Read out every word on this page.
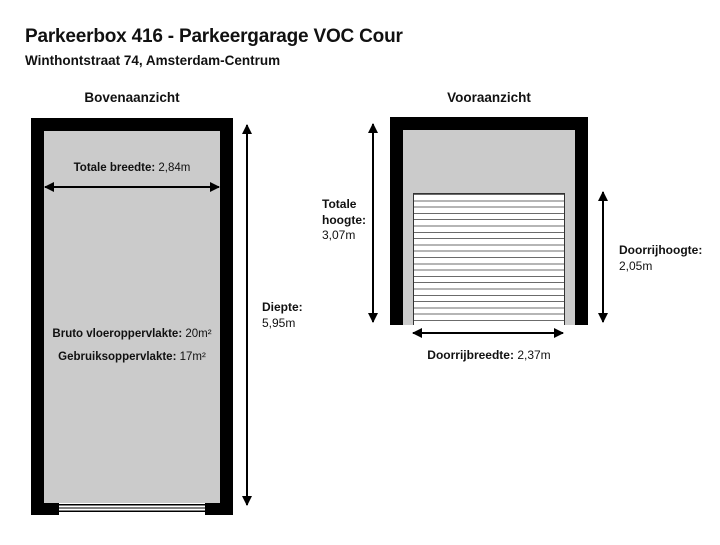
Parkeerbox 416 - Parkeergarage VOC Cour
Winthontstraat 74, Amsterdam-Centrum
Bovenaanzicht
Totale breedte: 2,84m
Bruto vloeroppervlakte: 20m²
Gebruiksoppervlakte: 17m²
Diepte:
5,95m
Vooraanzicht
Totale hoogte:
3,07m
Doorrijhoogte:
2,05m
Doorrijbreedte: 2,37m
